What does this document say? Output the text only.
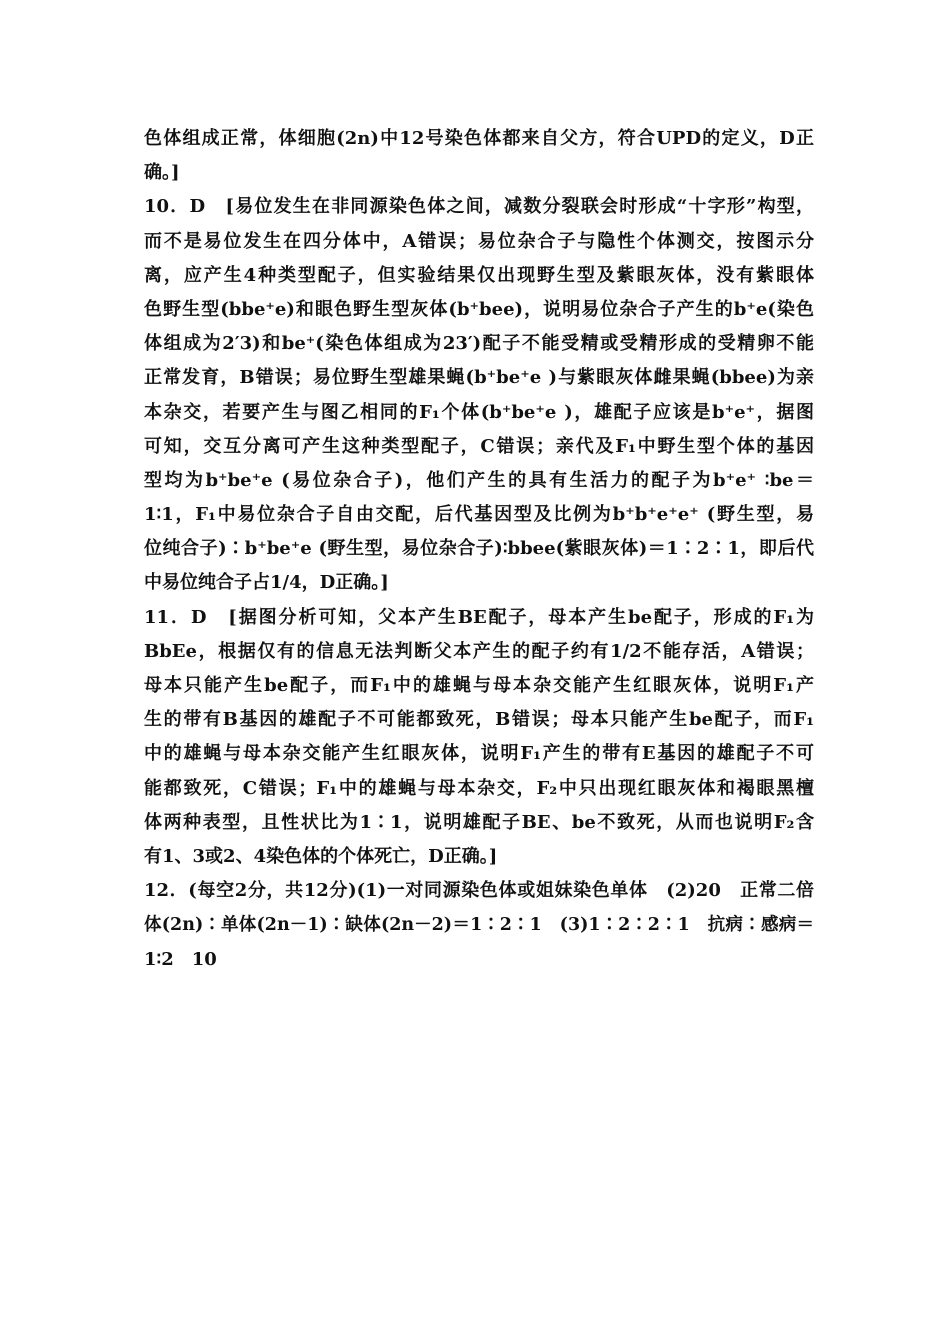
色体组成正常，体细胞(2n)中12号染色体都来自父方，符合UPD的定义，D正
确。]
10．D　[易位发生在非同源染色体之间，减数分裂联会时形成“十字形”构型，
而不是易位发生在四分体中，A错误；易位杂合子与隐性个体测交，按图示分
离，应产生4种类型配子，但实验结果仅出现野生型及紫眼灰体，没有紫眼体
色野生型(bbe⁺e)和眼色野生型灰体(b⁺bee)，说明易位杂合子产生的b⁺e(染色
体组成为2′3)和be⁺(染色体组成为23′)配子不能受精或受精形成的受精卵不能
正常发育，B错误；易位野生型雄果蝇(b⁺be⁺e )与紫眼灰体雌果蝇(bbee)为亲
本杂交，若要产生与图乙相同的F₁个体(b⁺be⁺e )，雄配子应该是b⁺e⁺，据图
可知，交互分离可产生这种类型配子，C错误；亲代及F₁中野生型个体的基因
型均为b⁺be⁺e (易位杂合子)，他们产生的具有生活力的配子为b⁺e⁺ ∶be＝
1∶1，F₁中易位杂合子自由交配，后代基因型及比例为b⁺b⁺e⁺e⁺ (野生型，易
位纯合子)∶b⁺be⁺e (野生型，易位杂合子)∶bbee(紫眼灰体)＝1∶2∶1，即后代
中易位纯合子占1/4，D正确。]
11．D　[据图分析可知，父本产生BE配子，母本产生be配子，形成的F₁为
BbEe，根据仅有的信息无法判断父本产生的配子约有1/2不能存活，A错误；
母本只能产生be配子，而F₁中的雄蝇与母本杂交能产生红眼灰体，说明F₁产
生的带有B基因的雄配子不可能都致死，B错误；母本只能产生be配子，而F₁
中的雄蝇与母本杂交能产生红眼灰体，说明F₁产生的带有E基因的雄配子不可
能都致死，C错误；F₁中的雄蝇与母本杂交，F₂中只出现红眼灰体和褐眼黑檀
体两种表型，且性状比为1∶1，说明雄配子BE、be不致死，从而也说明F₂含
有1、3或2、4染色体的个体死亡，D正确。]
12．(每空2分，共12分)(1)一对同源染色体或姐妹染色单体　(2)20　正常二倍
体(2n)∶单体(2n－1)∶缺体(2n－2)＝1∶2∶1　(3)1∶2∶2∶1　抗病∶感病＝
1∶2　10
